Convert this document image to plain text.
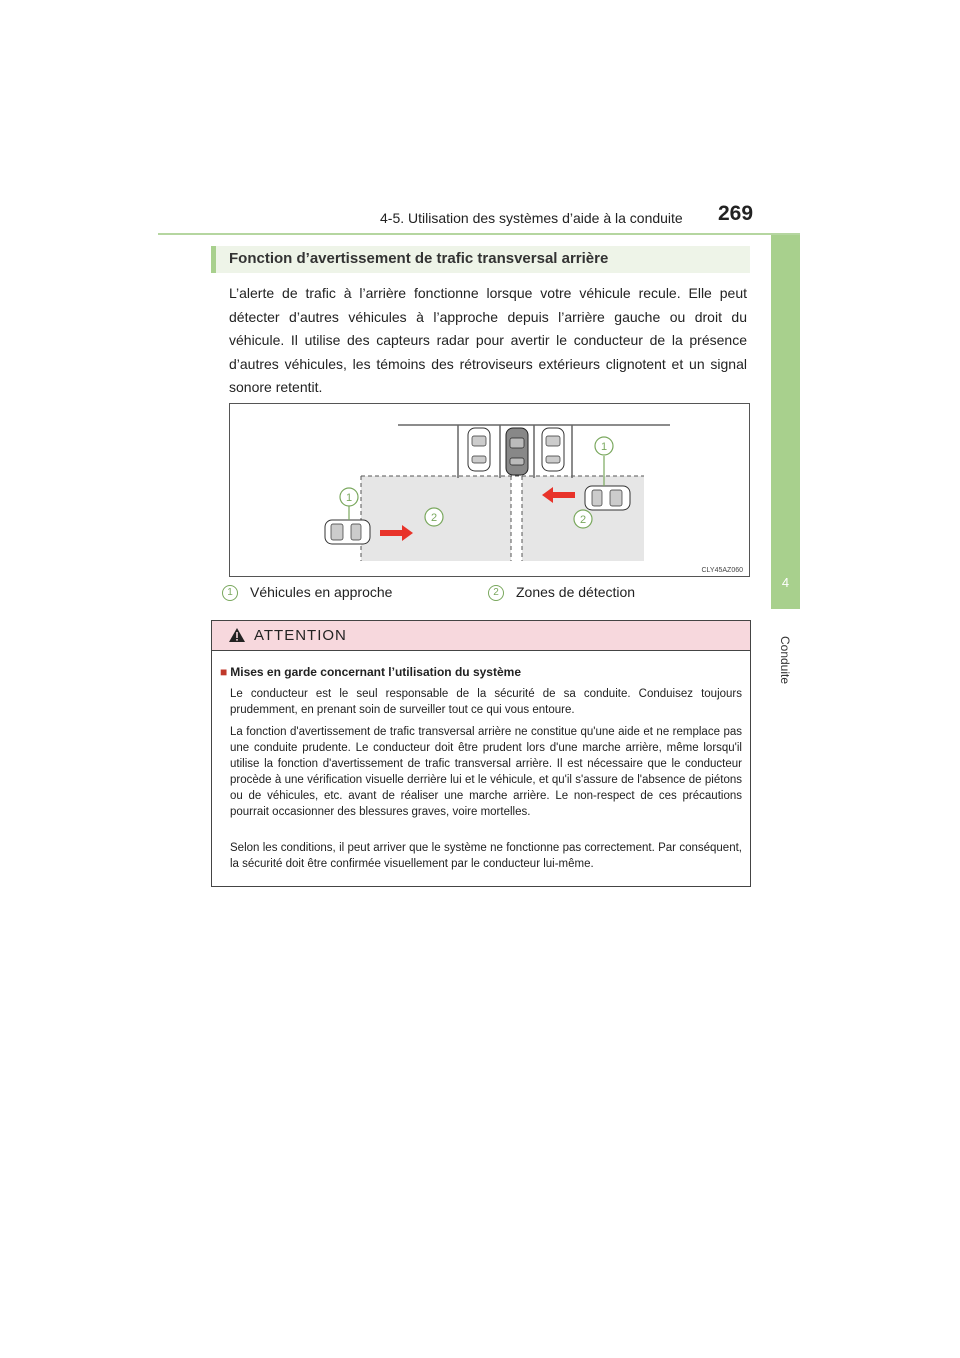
4-5. Utilisation des systèmes d’aide à la conduite 269
4
Conduite
Fonction d’avertissement de trafic transversal arrière

L’alerte de trafic à l’arrière fonctionne lorsque votre véhicule recule. Elle peut détecter d’autres véhicules à l’approche depuis l’arrière gauche ou droit du véhicule. Il utilise des capteurs radar pour avertir le conducteur de la présence d’autres véhicules, les témoins des rétroviseurs extérieurs clignotent et un signal sonore retentit.

1
1
2	2
CLY45AZ060
1 Véhicules en approche	2 Zones de détection
ATTENTION
■ Mises en garde concernant l’utilisation du système

Le conducteur est le seul responsable de la sécurité de sa conduite. Conduisez toujours prudemment, en prenant soin de surveiller tout ce qui vous entoure.

La fonction d'avertissement de trafic transversal arrière ne constitue qu'une aide et ne remplace pas une conduite prudente. Le conducteur doit être prudent lors d'une marche arrière, même lorsqu'il utilise la fonction d'avertissement de trafic transversal arrière. Il est nécessaire que le conducteur procède à une vérification visuelle derrière lui et le véhicule, et qu'il s'assure de l'absence de piétons ou de véhicules, etc. avant de réaliser une marche arrière. Le non-respect de ces précautions pourrait occasionner des blessures graves, voire mortelles.

Selon les conditions, il peut arriver que le système ne fonctionne pas correctement. Par conséquent, la sécurité doit être confirmée visuellement par le conducteur lui-même.
